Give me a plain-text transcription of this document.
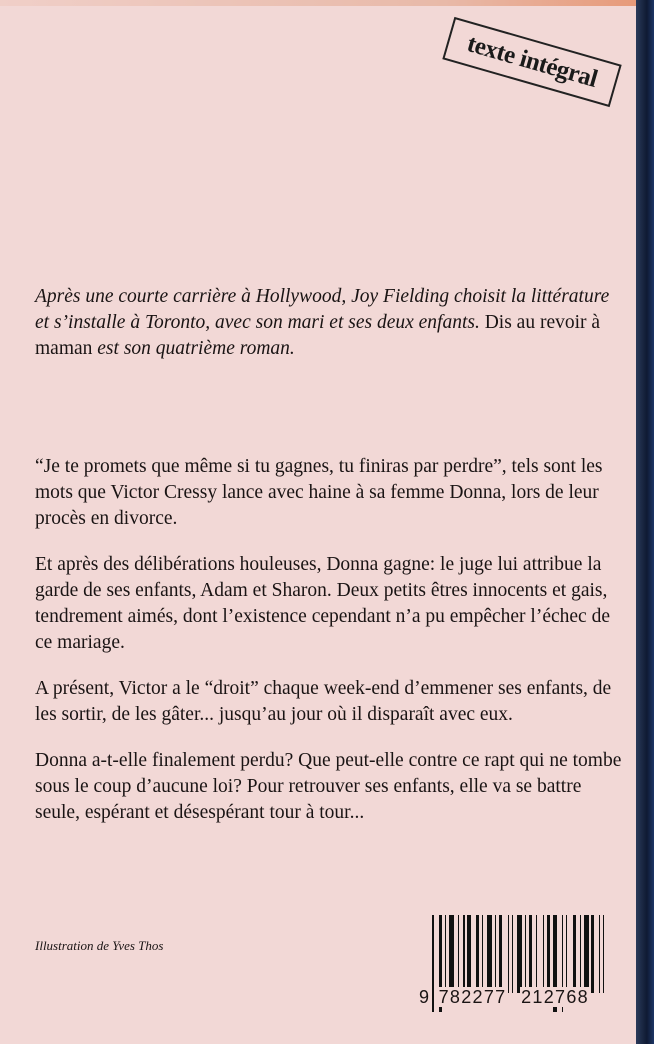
texte intégral

Après une courte carrière à Hollywood, Joy Fielding choisit la littérature et s’installe à Toronto, avec son mari et ses deux enfants. Dis au revoir à maman est son quatrième roman.

“Je te promets que même si tu gagnes, tu finiras par perdre”, tels sont les mots que Victor Cressy lance avec haine à sa femme Donna, lors de leur procès en divorce.

Et après des délibérations houleuses, Donna gagne: le juge lui attribue la garde de ses enfants, Adam et Sharon. Deux petits êtres innocents et gais, tendrement aimés, dont l’existence cependant n’a pu empêcher l’échec de ce mariage.

A présent, Victor a le “droit” chaque week-end d’emmener ses enfants, de les sortir, de les gâter... jusqu’au jour où il disparaît avec eux.

Donna a-t-elle finalement perdu? Que peut-elle contre ce rapt qui ne tombe sous le coup d’aucune loi? Pour retrouver ses enfants, elle va se battre seule, espérant et désespérant tour à tour...

Illustration de Yves Thos
9 782277 212768
